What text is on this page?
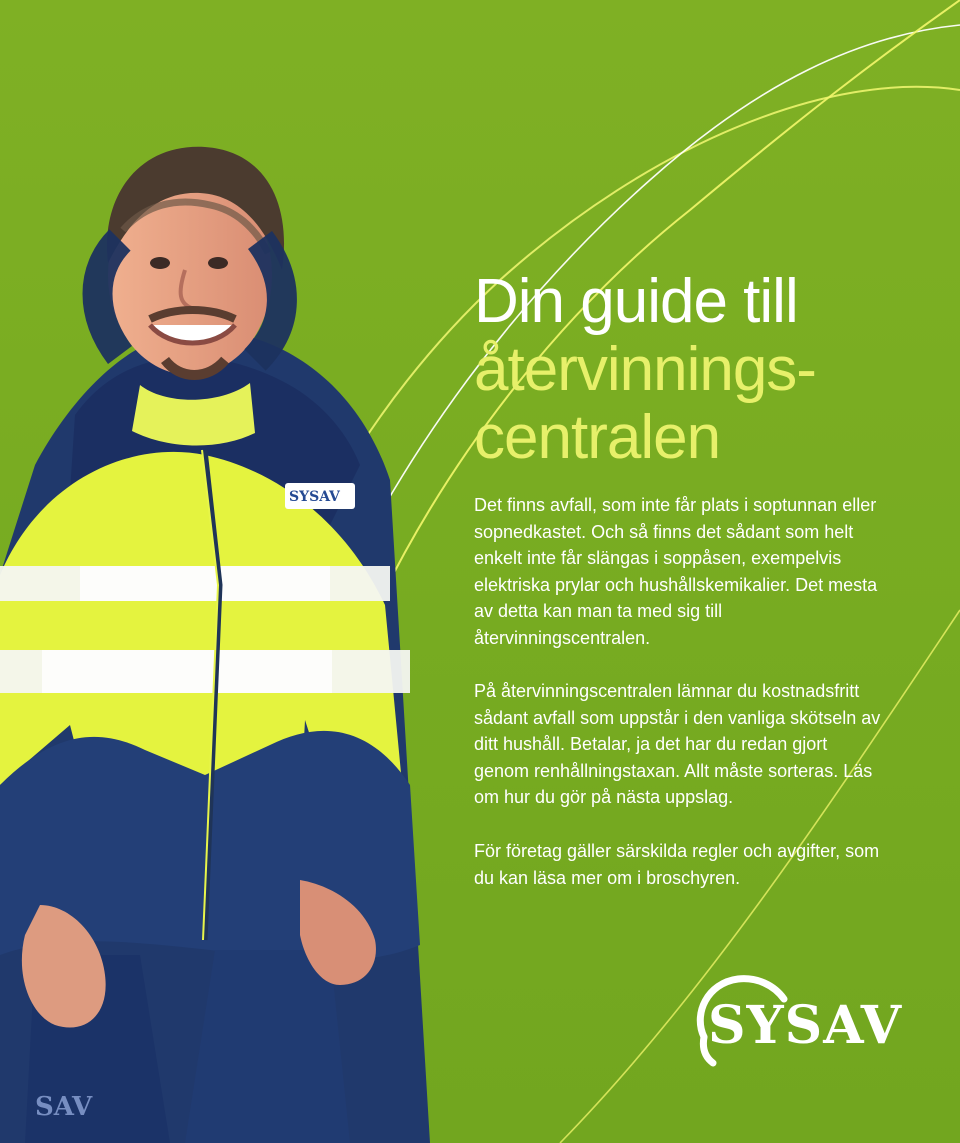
SYSAV
SAV
Din guide till
återvinnings-
centralen

Det finns avfall, som inte får plats i soptunnan eller sopnedkastet. Och så finns det sådant som helt enkelt inte får slängas i soppåsen, exempelvis elektriska prylar och hushållskemikalier. Det mesta av detta kan man ta med sig till återvinningscentralen.

På återvinningscentralen lämnar du kostnadsfritt sådant avfall som uppstår i den vanliga skötseln av ditt hushåll. Betalar, ja det har du redan gjort genom renhållningstaxan. Allt måste sorteras. Läs om hur du gör på nästa uppslag.

För företag gäller särskilda regler och avgifter, som du kan läsa mer om i broschyren.

SYSAV
